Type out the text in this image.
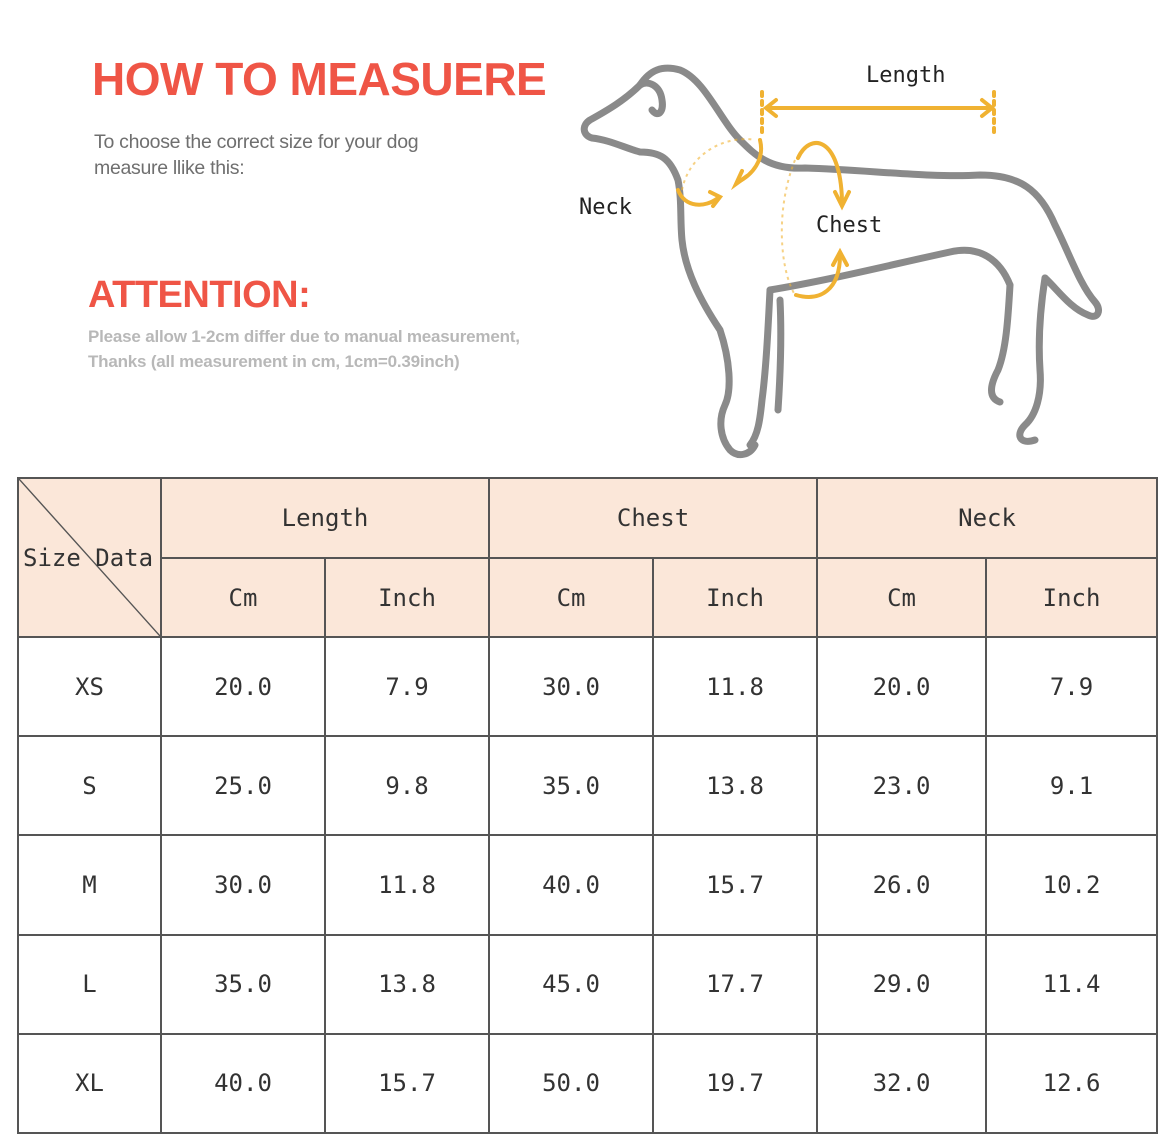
HOW TO MEASUERE

To choose the correct size for your dog
measure llike this:

ATTENTION:

Please allow 1-2cm differ due to manual measurement,
Thanks (all measurement in cm, 1cm=0.39inch)

Length
Neck
Chest
Size Data	Length		Chest		Neck	
	Cm	Inch	Cm	Inch	Cm	Inch
XS	20.0	7.9	30.0	11.8	20.0	7.9
S	25.0	9.8	35.0	13.8	23.0	9.1
M	30.0	11.8	40.0	15.7	26.0	10.2
L	35.0	13.8	45.0	17.7	29.0	11.4
XL	40.0	15.7	50.0	19.7	32.0	12.6
